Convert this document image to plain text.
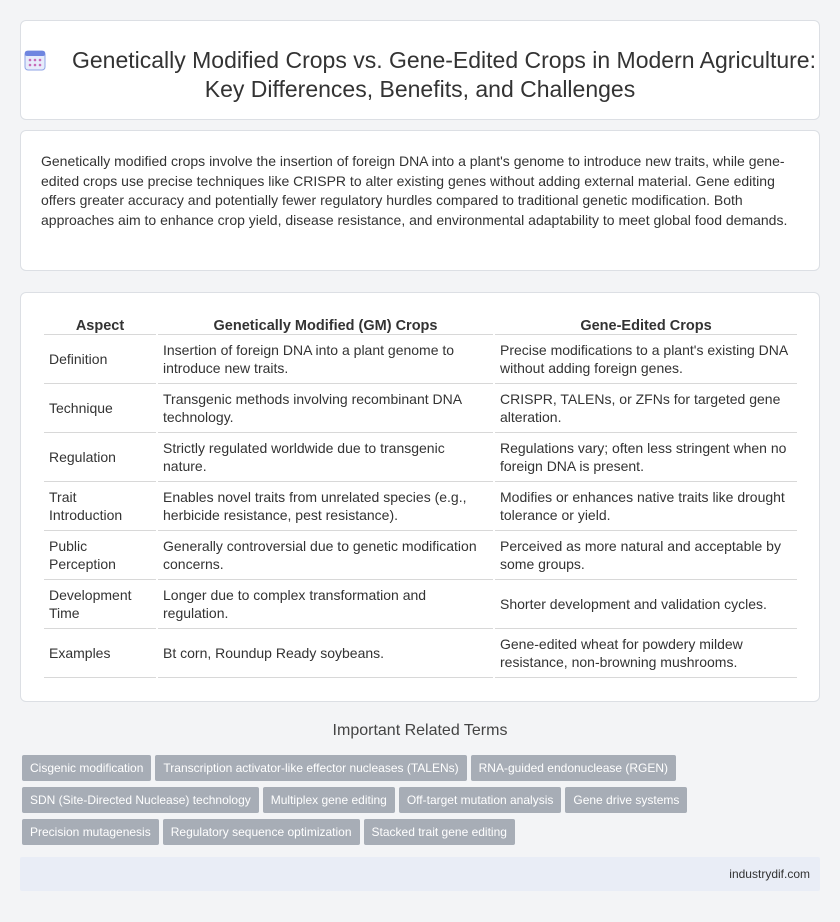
Genetically Modified Crops vs. Gene-Edited Crops in Modern Agriculture: Key Differences, Benefits, and Challenges

Genetically modified crops involve the insertion of foreign DNA into a plant's genome to introduce new traits, while gene-edited crops use precise techniques like CRISPR to alter existing genes without adding external material. Gene editing offers greater accuracy and potentially fewer regulatory hurdles compared to traditional genetic modification. Both approaches aim to enhance crop yield, disease resistance, and environmental adaptability to meet global food demands.

Aspect	Genetically Modified (GM) Crops	Gene-Edited Crops
Definition	Insertion of foreign DNA into a plant genome to introduce new traits.	Precise modifications to a plant's existing DNA without adding foreign genes.
Technique	Transgenic methods involving recombinant DNA technology.	CRISPR, TALENs, or ZFNs for targeted gene alteration.
Regulation	Strictly regulated worldwide due to transgenic nature.	Regulations vary; often less stringent when no foreign DNA is present.
Trait Introduction	Enables novel traits from unrelated species (e.g., herbicide resistance, pest resistance).	Modifies or enhances native traits like drought tolerance or yield.
Public Perception	Generally controversial due to genetic modification concerns.	Perceived as more natural and acceptable by some groups.
Development Time	Longer due to complex transformation and regulation.	Shorter development and validation cycles.
Examples	Bt corn, Roundup Ready soybeans.	Gene-edited wheat for powdery mildew resistance, non-browning mushrooms.
Important Related Terms
Cisgenic modification Transcription activator-like effector nucleases (TALENs) RNA-guided endonuclease (RGEN)
SDN (Site-Directed Nuclease) technology Multiplex gene editing Off-target mutation analysis Gene drive systems
Precision mutagenesis Regulatory sequence optimization Stacked trait gene editing
industrydif.com
